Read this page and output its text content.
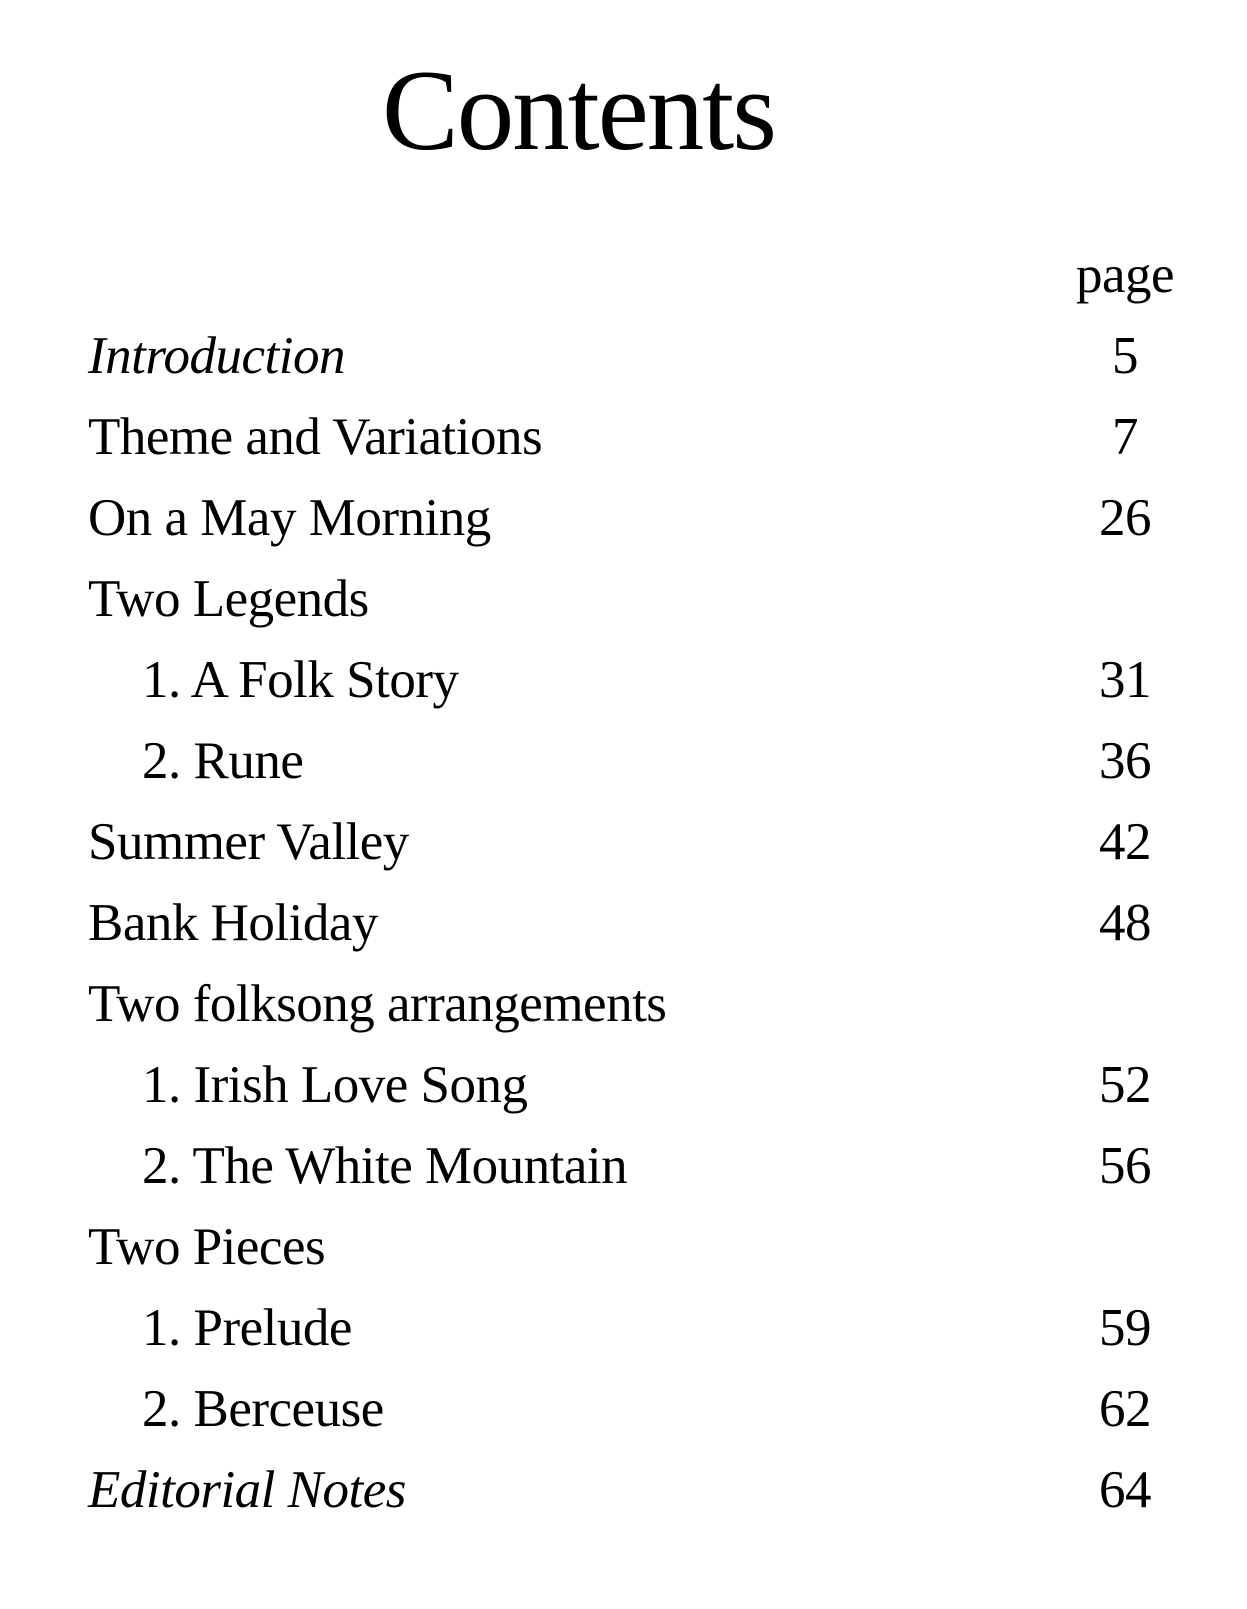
Contents
page
Introduction	5
Theme and Variations	7
On a May Morning	26
Two Legends
1. A Folk Story	31
2. Rune	36
Summer Valley	42
Bank Holiday	48
Two folksong arrangements
1. Irish Love Song	52
2. The White Mountain	56
Two Pieces
1. Prelude	59
2. Berceuse	62
Editorial Notes	64
